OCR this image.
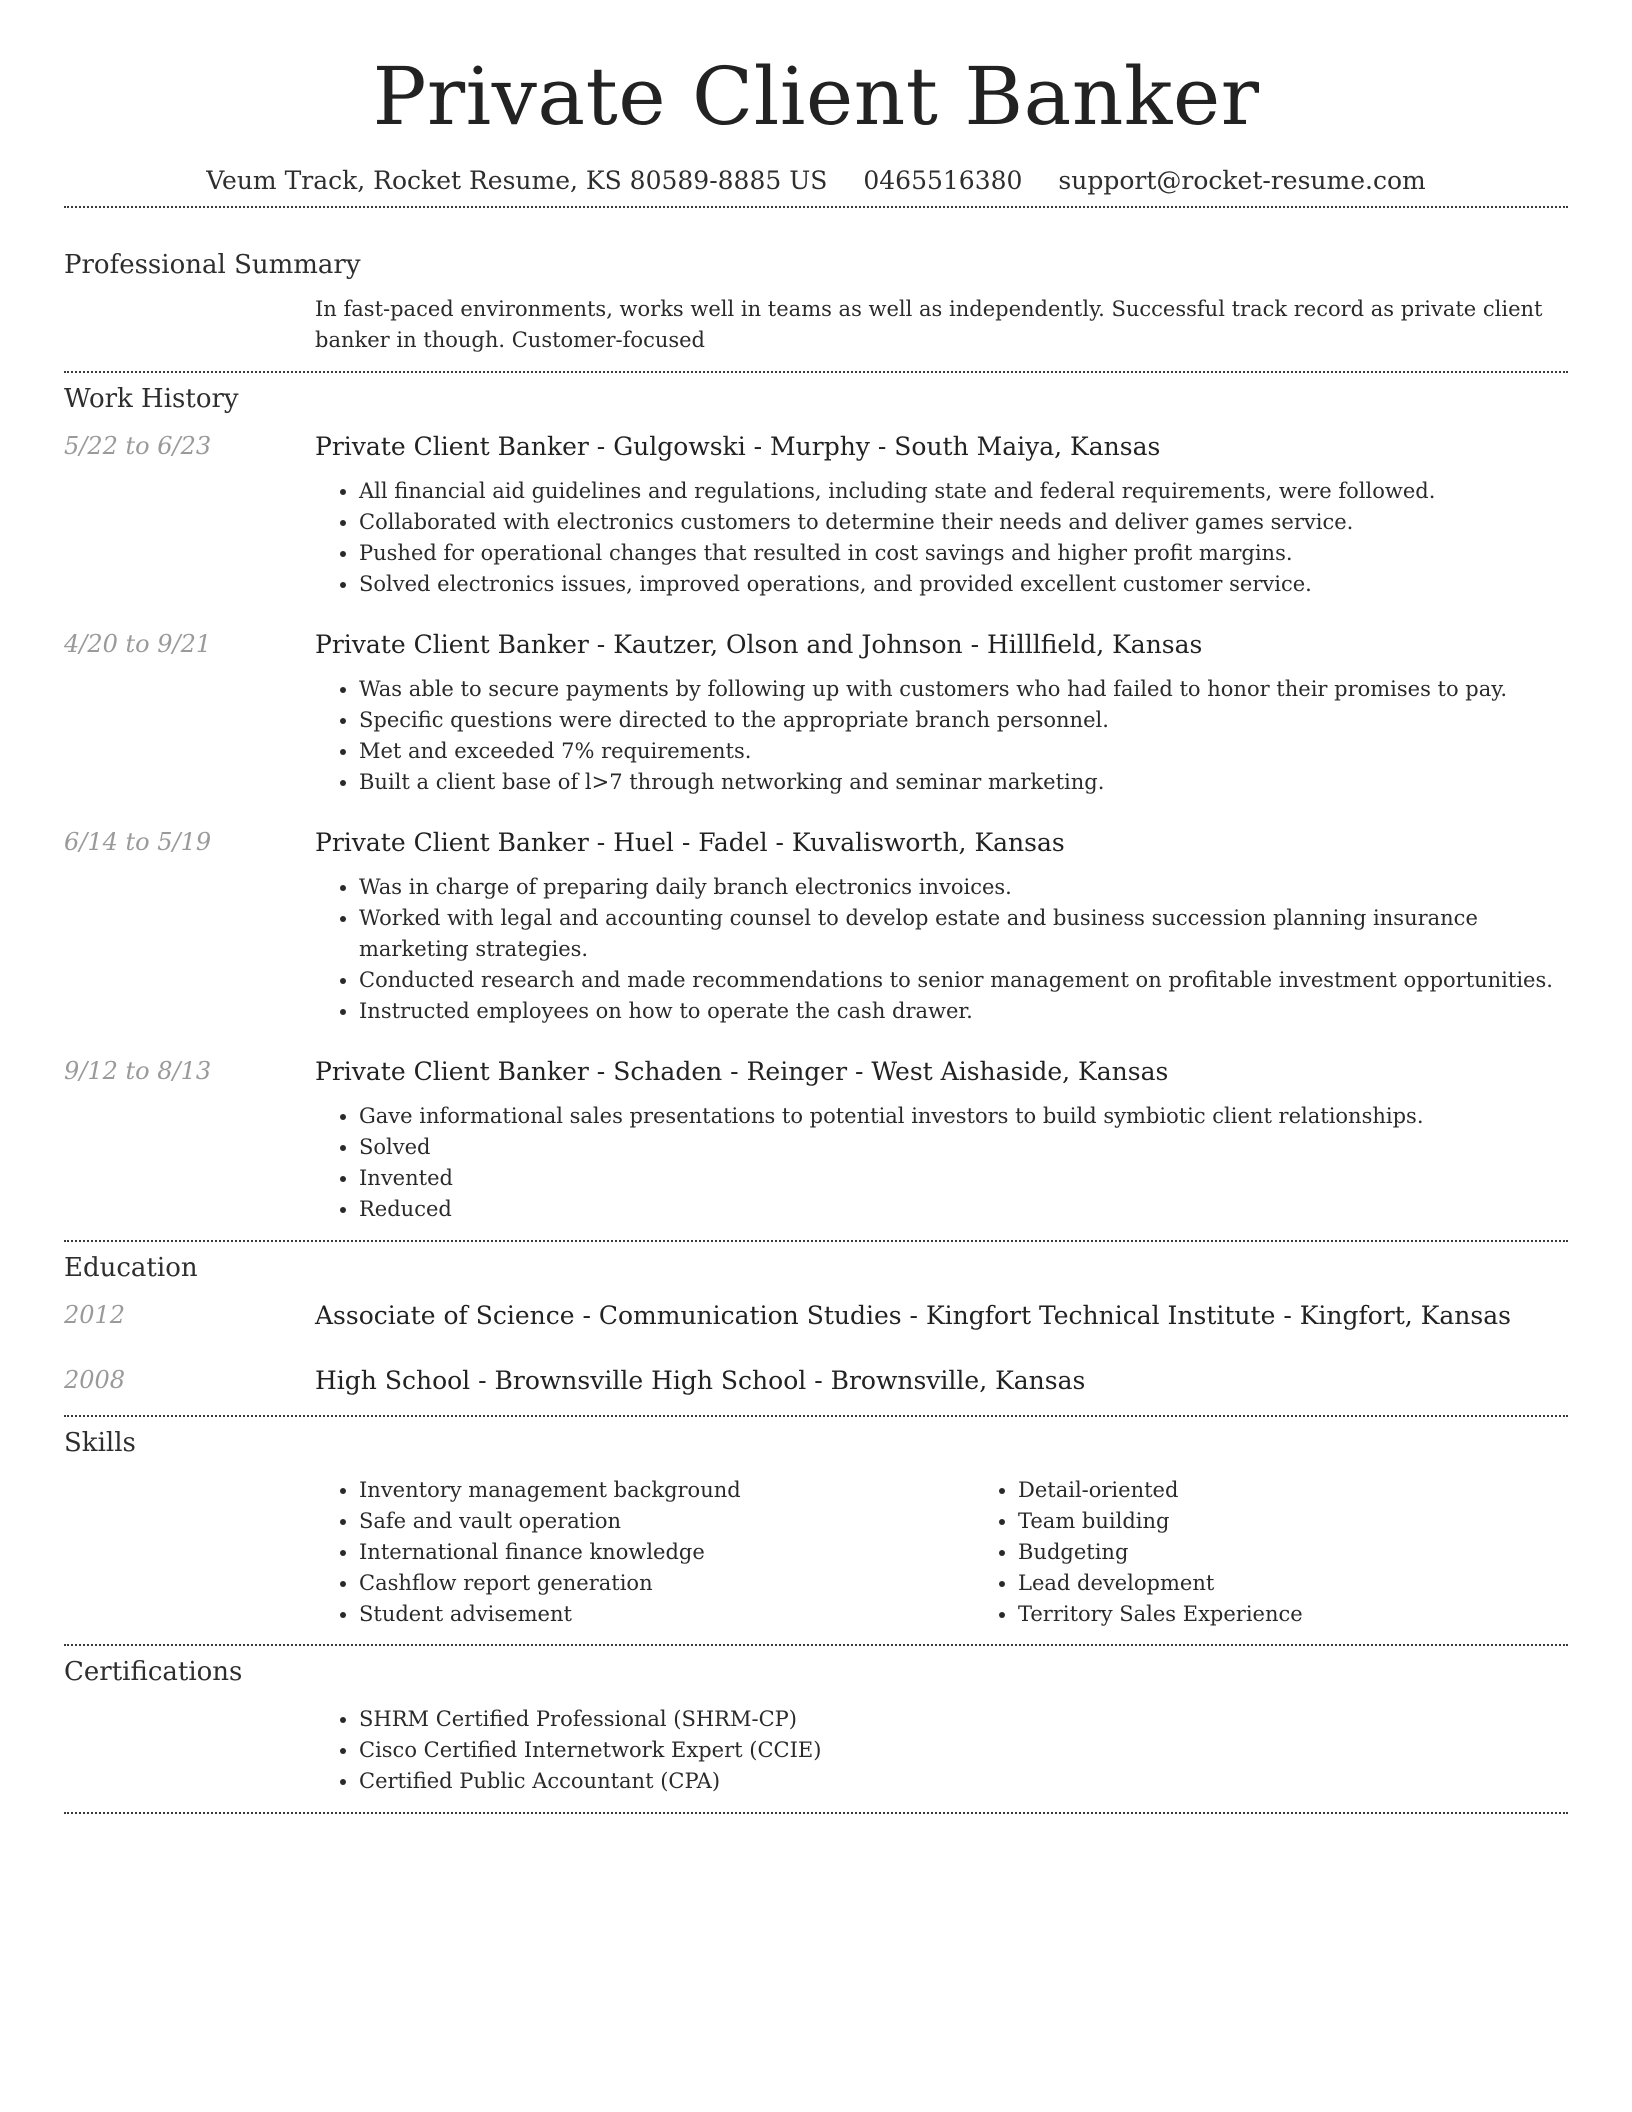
Private Client Banker
Veum Track, Rocket Resume, KS 80589-8885 US 0465516380 support@rocket-resume.com
Professional Summary
In fast-paced environments, works well in teams as well as independently. Successful track record as private client banker in though. Customer-focused
Work History
5/22 to 6/23	Private Client Banker - Gulgowski - Murphy - South Maiya, Kansas
• All financial aid guidelines and regulations, including state and federal requirements, were followed.
• Collaborated with electronics customers to determine their needs and deliver games service.
• Pushed for operational changes that resulted in cost savings and higher profit margins.
• Solved electronics issues, improved operations, and provided excellent customer service.
4/20 to 9/21	Private Client Banker - Kautzer, Olson and Johnson - Hilllfield, Kansas
• Was able to secure payments by following up with customers who had failed to honor their promises to pay.
• Specific questions were directed to the appropriate branch personnel.
• Met and exceeded 7% requirements.
• Built a client base of l>7 through networking and seminar marketing.
6/14 to 5/19	Private Client Banker - Huel - Fadel - Kuvalisworth, Kansas
• Was in charge of preparing daily branch electronics invoices.
• Worked with legal and accounting counsel to develop estate and business succession planning insurance marketing strategies.
• Conducted research and made recommendations to senior management on profitable investment opportunities.
• Instructed employees on how to operate the cash drawer.
9/12 to 8/13	Private Client Banker - Schaden - Reinger - West Aishaside, Kansas
• Gave informational sales presentations to potential investors to build symbiotic client relationships.
• Solved
• Invented
• Reduced
Education
2012	Associate of Science - Communication Studies - Kingfort Technical Institute - Kingfort, Kansas
2008	High School - Brownsville High School - Brownsville, Kansas
Skills
• Inventory management background
• Safe and vault operation
• International finance knowledge
• Cashflow report generation
• Student advisement
• Detail-oriented
• Team building
• Budgeting
• Lead development
• Territory Sales Experience
Certifications
• SHRM Certified Professional (SHRM-CP)
• Cisco Certified Internetwork Expert (CCIE)
• Certified Public Accountant (CPA)
